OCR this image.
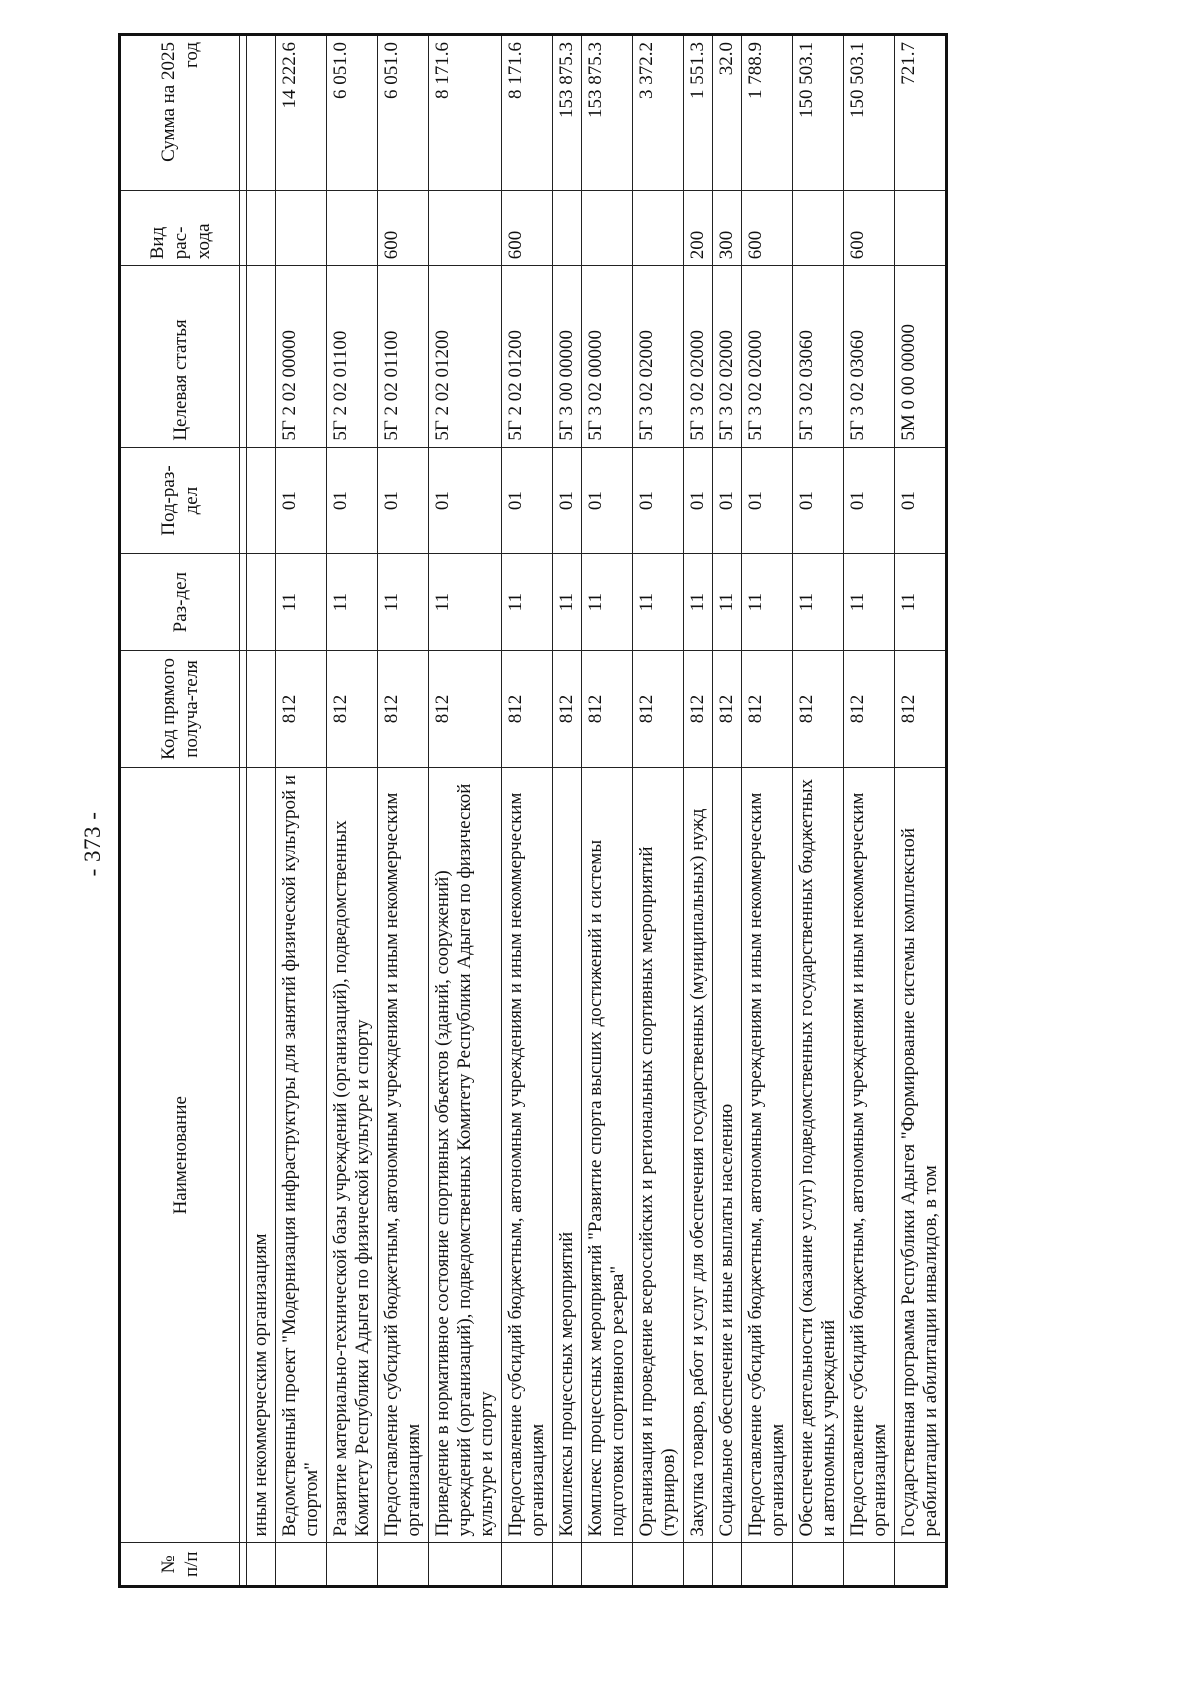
- 373 -
№ п/п	Наименование	Код прямого получа-теля	Раз-дел	Под-раз-дел	Целевая статья	Вид рас-хода	Сумма на 2025 год

	иным некоммерческим организациям						
	Ведомственный проект "Модернизация инфраструктуры для занятий физической культурой и спортом"	812	11	01	5Г 2 02 00000		14 222.6
	Развитие материально-технической базы учреждений (организаций), подведомственных Комитету Республики Адыгея по физической культуре и спорту	812	11	01	5Г 2 02 01100		6 051.0
	Предоставление субсидий бюджетным, автономным учреждениям и иным некоммерческим организациям	812	11	01	5Г 2 02 01100	600	6 051.0
	Приведение в нормативное состояние спортивных объектов (зданий, сооружений) учреждений (организаций), подведомственных Комитету Республики Адыгея по физической культуре и спорту	812	11	01	5Г 2 02 01200		8 171.6
	Предоставление субсидий бюджетным, автономным учреждениям и иным некоммерческим организациям	812	11	01	5Г 2 02 01200	600	8 171.6
	Комплексы процессных мероприятий	812	11	01	5Г 3 00 00000		153 875.3
	Комплекс процессных мероприятий "Развитие спорта высших достижений и системы подготовки спортивного резерва"	812	11	01	5Г 3 02 00000		153 875.3
	Организация и проведение всероссийских и региональных спортивных мероприятий (турниров)	812	11	01	5Г 3 02 02000		3 372.2
	Закупка товаров, работ и услуг для обеспечения государственных (муниципальных) нужд	812	11	01	5Г 3 02 02000	200	1 551.3
	Социальное обеспечение и иные выплаты населению	812	11	01	5Г 3 02 02000	300	32.0
	Предоставление субсидий бюджетным, автономным учреждениям и иным некоммерческим организациям	812	11	01	5Г 3 02 02000	600	1 788.9
	Обеспечение деятельности (оказание услуг) подведомственных государственных бюджетных и автономных учреждений	812	11	01	5Г 3 02 03060		150 503.1
	Предоставление субсидий бюджетным, автономным учреждениям и иным некоммерческим организациям	812	11	01	5Г 3 02 03060	600	150 503.1
	Государственная программа Республики Адыгея "Формирование системы комплексной реабилитации и абилитации инвалидов, в том	812	11	01	5М 0 00 00000		721.7
